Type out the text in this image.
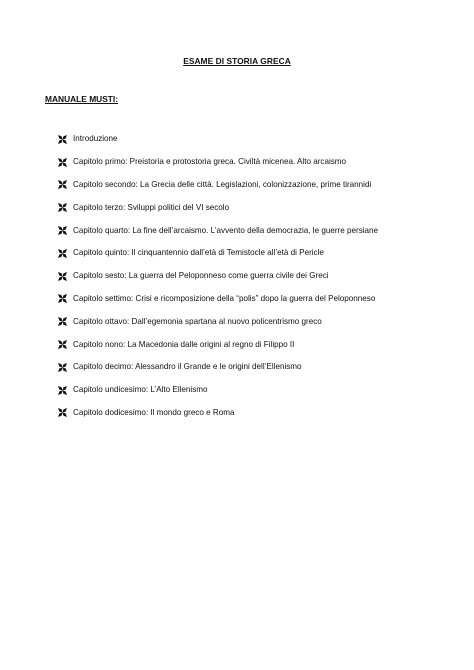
ESAME DI STORIA GRECA
MANUALE MUSTI:
Introduzione
Capitolo primo: Preistoria e protostoria greca. Civiltà micenea. Alto arcaismo
Capitolo secondo: La Grecia delle città. Legislazioni, colonizzazione, prime tirannidi
Capitolo terzo: Sviluppi politici del VI secolo
Capitolo quarto: La fine dell’arcaismo. L’avvento della democrazia, le guerre persiane
Capitolo quinto: Il cinquantennio dall’età di Temistocle all’età di Pericle
Capitolo sesto: La guerra del Peloponneso come guerra civile dei Greci
Capitolo settimo: Crisi e ricomposizione della “polis” dopo la guerra del Peloponneso
Capitolo ottavo: Dall’egemonia spartana al nuovo policentrismo greco
Capitolo nono: La Macedonia dalle origini al regno di Filippo II
Capitolo decimo: Alessandro il Grande e le origini dell’Ellenismo
Capitolo undicesimo: L’Alto Ellenismo
Capitolo dodicesimo: Il mondo greco e Roma
